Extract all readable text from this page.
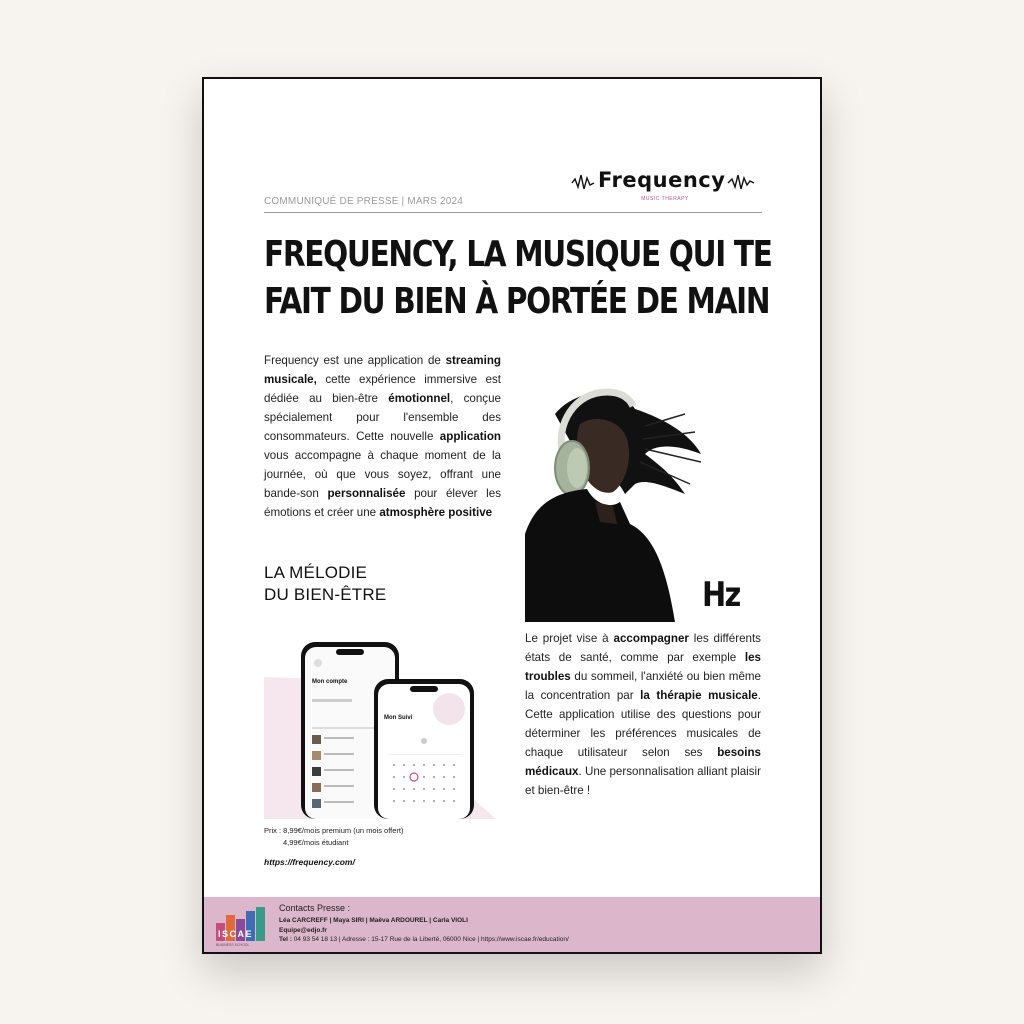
Frequency
MUSIC THERAPY
COMMUNIQUÉ DE PRESSE | MARS 2024
FREQUENCY, LA MUSIQUE QUI TE
FAIT DU BIEN À PORTÉE DE MAIN
Frequency est une application de streaming musicale, cette expérience immersive est dédiée au bien-être émotionnel, conçue spécialement pour l'ensemble des consommateurs. Cette nouvelle application vous accompagne à chaque moment de la journée, où que vous soyez, offrant une bande-son personnalisée pour élever les émotions et créer une atmosphère positive
LA MÉLODIE
DU BIEN-ÊTRE	Hz
Le projet vise à accompagner les différents états de santé, comme par exemple les troubles du sommeil, l'anxiété ou bien même la concentration par la thérapie musicale. Cette application utilise des questions pour déterminer les préférences musicales de chaque utilisateur selon ses besoins médicaux. Une personnalisation alliant plaisir et bien-être !
Mon compte
Mon Suivi
Prix : 8,99€/mois premium (un mois offert)
4,99€/mois étudiant
https://frequency.com/
ISCAE
BUSINESS SCHOOL
Contacts Presse :
Léa CARCREFF | Maya SIRI | Maëva ARDOUREL | Carla VIOLI
Equipe@edjo.fr
Tel : 04 93 54 18 13 | Adresse : 15-17 Rue de la Liberté, 06000 Nice | https://www.iscae.fr/education/
